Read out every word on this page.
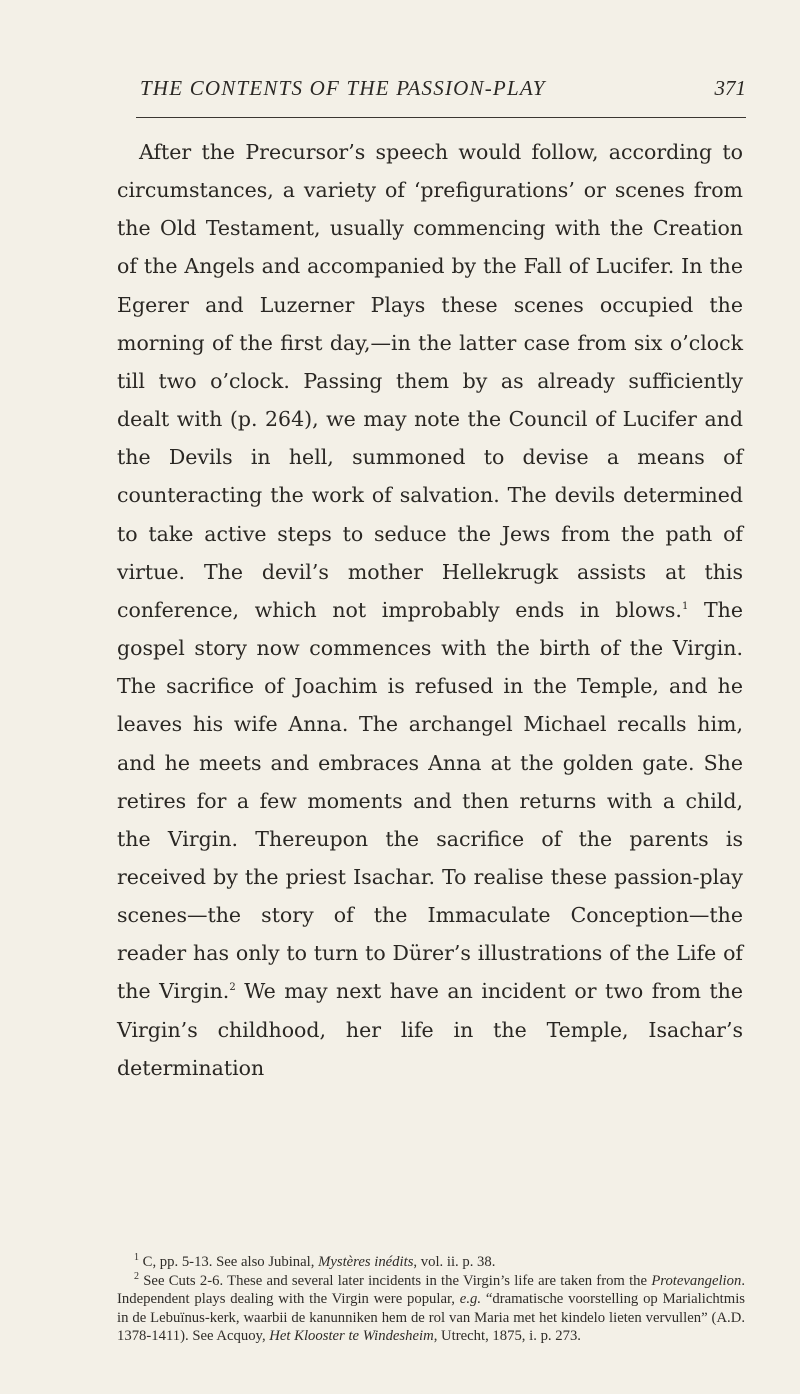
THE CONTENTS OF THE PASSION-PLAY	371
After the Precursor’s speech would follow, according to circumstances, a variety of ‘prefigurations’ or scenes from the Old Testament, usually commencing with the Creation of the Angels and accompanied by the Fall of Lucifer. In the Egerer and Luzerner Plays these scenes occupied the morning of the first day,—in the latter case from six o’clock till two o’clock. Passing them by as already sufficiently dealt with (p. 264), we may note the Council of Lucifer and the Devils in hell, summoned to devise a means of counteracting the work of salvation. The devils determined to take active steps to seduce the Jews from the path of virtue. The devil’s mother Hellekrugk assists at this conference, which not improbably ends in blows.$^1$ The gospel story now commences with the birth of the Virgin. The sacrifice of Joachim is refused in the Temple, and he leaves his wife Anna. The archangel Michael recalls him, and he meets and embraces Anna at the golden gate. She retires for a few moments and then returns with a child, the Virgin. Thereupon the sacrifice of the parents is received by the priest Isachar. To realise these passion-play scenes—the story of the Immaculate Conception—the reader has only to turn to Dürer’s illustrations of the Life of the Virgin.$^2$ We may next have an incident or two from the Virgin’s childhood, her life in the Temple, Isachar’s determination

$^1$ C, pp. 5-13. See also Jubinal, Mystères inédits, vol. ii. p. 38.

$^2$ See Cuts 2-6. These and several later incidents in the Virgin’s life are taken from the Protevangelion. Independent plays dealing with the Virgin were popular, e.g. “dramatische voorstelling op Marialichtmis in de Lebuïnus-kerk, waarbii de kanunniken hem de rol van Maria met het kindelo lieten vervullen” (A.D. 1378-1411). See Acquoy, Het Klooster te Windesheim, Utrecht, 1875, i. p. 273.
